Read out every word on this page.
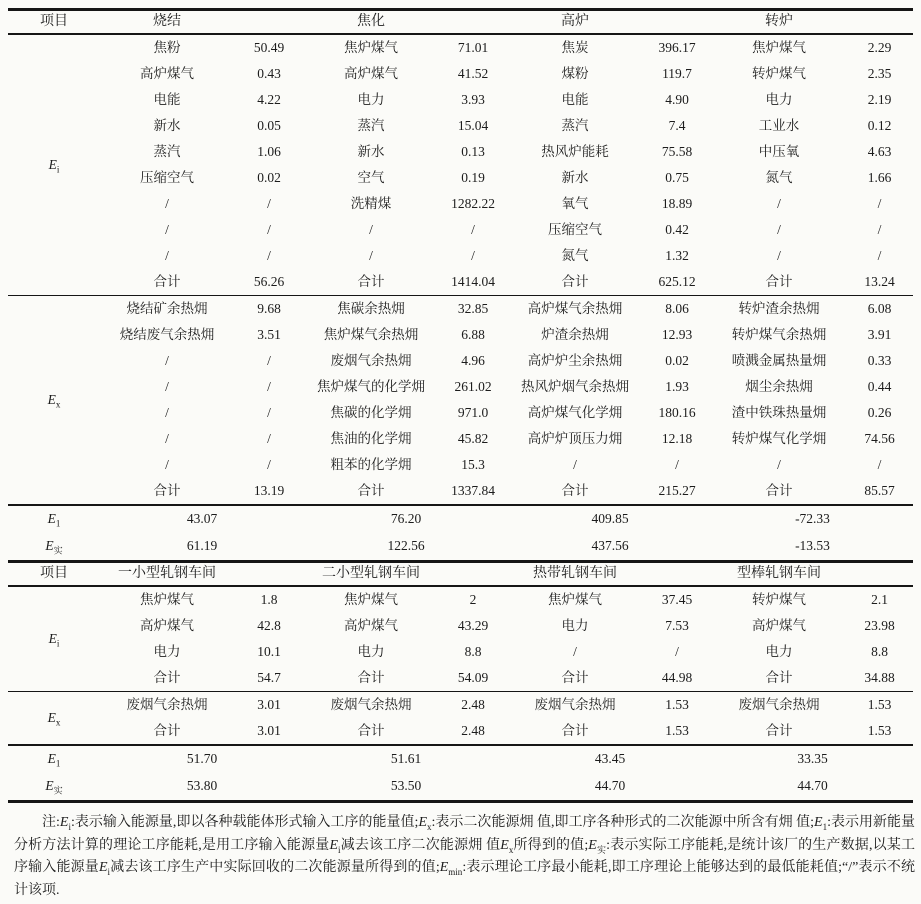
项目	烧结		焦化		高炉		转炉	
$E_i$	焦粉	50.49	焦炉煤气	71.01	焦炭	396.17	焦炉煤气	2.29
	高炉煤气	0.43	高炉煤气	41.52	煤粉	119.7	转炉煤气	2.35
	电能	4.22	电力	3.93	电能	4.90	电力	2.19
	新水	0.05	蒸汽	15.04	蒸汽	7.4	工业水	0.12
	蒸汽	1.06	新水	0.13	热风炉能耗	75.58	中压氧	4.63
	压缩空气	0.02	空气	0.19	新水	0.75	氮气	1.66
	/	/	洗精煤	1282.22	氧气	18.89	/	/
	/	/	/	/	压缩空气	0.42	/	/
	/	/	/	/	氮气	1.32	/	/
	合计	56.26	合计	1414.04	合计	625.12	合计	13.24
$E_x$	烧结矿余热㶲	9.68	焦碳余热㶲	32.85	高炉煤气余热㶲	8.06	转炉渣余热㶲	6.08
	烧结废气余热㶲	3.51	焦炉煤气余热㶲	6.88	炉渣余热㶲	12.93	转炉煤气余热㶲	3.91
	/	/	废烟气余热㶲	4.96	高炉炉尘余热㶲	0.02	喷溅金属热量㶲	0.33
	/	/	焦炉煤气的化学㶲	261.02	热风炉烟气余热㶲	1.93	烟尘余热㶲	0.44
	/	/	焦碳的化学㶲	971.0	高炉煤气化学㶲	180.16	渣中铁珠热量㶲	0.26
	/	/	焦油的化学㶲	45.82	高炉炉顶压力㶲	12.18	转炉煤气化学㶲	74.56
	/	/	粗苯的化学㶲	15.3	/	/	/	/
	合计	13.19	合计	1337.84	合计	215.27	合计	85.57
$E_1$	43.07		76.20		409.85		-72.33	
$E_实$	61.19		122.56		437.56		-13.53	
项目	一小型轧钢车间		二小型轧钢车间		热带轧钢车间		型棒轧钢车间	
$E_i$	焦炉煤气	1.8	焦炉煤气	2	焦炉煤气	37.45	转炉煤气	2.1
	高炉煤气	42.8	高炉煤气	43.29	电力	7.53	高炉煤气	23.98
	电力	10.1	电力	8.8	/	/	电力	8.8
	合计	54.7	合计	54.09	合计	44.98	合计	34.88
$E_x$	废烟气余热㶲	3.01	废烟气余热㶲	2.48	废烟气余热㶲	1.53	废烟气余热㶲	1.53
	合计	3.01	合计	2.48	合计	1.53	合计	1.53
$E_1$	51.70		51.61		43.45		33.35	
$E_实$	53.80		53.50		44.70		44.70	

注$:E_i$:表示输入能源量,即以各种载能体形式输入工序的能量值$;E_x$:表示二次能源㶲 值,即工序各种形式的二次能源中所含有㶲 值$;E_1$:表示用新能量分析方法计算的理论工序能耗,是用工序输入能源量$E_i$减去该工序二次能源㶲 值$E_x$所得到的值$;E_实$:表示实际工序能耗,是统计该厂的生产数据,以某工序输入能源量$E_i$减去该工序生产中实际回收的二次能源量所得到的值$;E_{min}$:表示理论工序最小能耗,即工序理论上能够达到的最低能耗值;“/”表示不统计该项.
